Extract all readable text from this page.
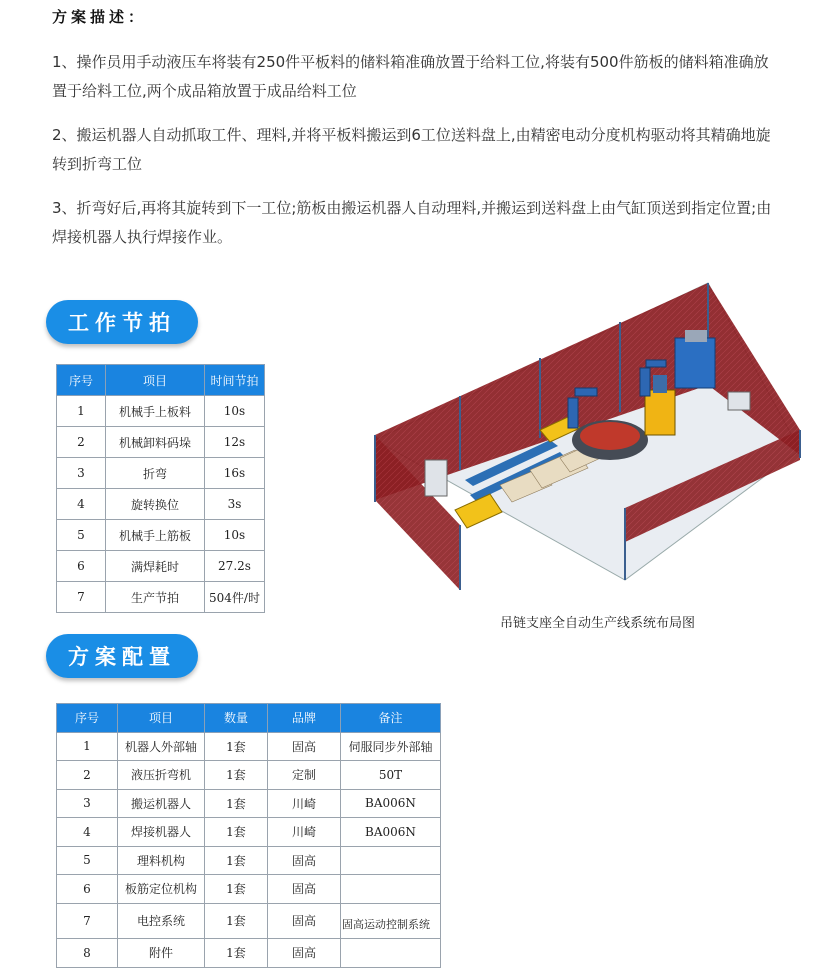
方案描述：
1、操作员用手动液压车将装有250件平板料的储料箱准确放置于给料工位,将装有500件筋板的储料箱准确放置于给料工位,两个成品箱放置于成品给料工位
2、搬运机器人自动抓取工件、理料,并将平板料搬运到6工位送料盘上,由精密电动分度机构驱动将其精确地旋转到折弯工位
3、折弯好后,再将其旋转到下一工位;筋板由搬运机器人自动理料,并搬运到送料盘上由气缸顶送到指定位置;由焊接机器人执行焊接作业。
工作节拍
序号	项目	时间节拍
1	机械手上板料	10s
2	机械卸料码垛	12s
3	折弯	16s
4	旋转换位	3s
5	机械手上筋板	10s
6	满焊耗时	27.2s
7	生产节拍	504件/时
吊链支座全自动生产线系统布局图
方案配置
序号	项目	数量	品牌	备注
1	机器人外部轴	1套	固高	伺服同步外部轴
2	液压折弯机	1套	定制	50T
3	搬运机器人	1套	川崎	BA006N
4	焊接机器人	1套	川崎	BA006N
5	理料机构	1套	固高	
6	板筋定位机构	1套	固高	
7	电控系统	1套	固高	固高运动控制系统
8	附件	1套	固高	
